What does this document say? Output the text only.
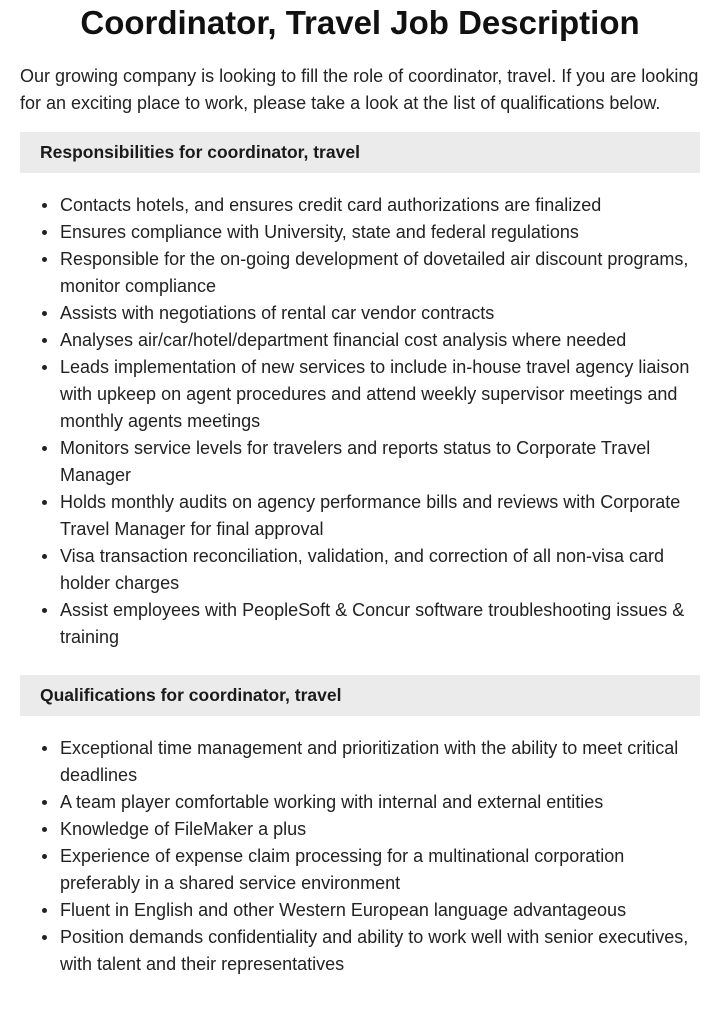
Coordinator, Travel Job Description

Our growing company is looking to fill the role of coordinator, travel. If you are looking for an exciting place to work, please take a look at the list of qualifications below.

Responsibilities for coordinator, travel
Contacts hotels, and ensures credit card authorizations are finalized
Ensures compliance with University, state and federal regulations
Responsible for the on-going development of dovetailed air discount programs, monitor compliance
Assists with negotiations of rental car vendor contracts
Analyses air/car/hotel/department financial cost analysis where needed
Leads implementation of new services to include in-house travel agency liaison with upkeep on agent procedures and attend weekly supervisor meetings and monthly agents meetings
Monitors service levels for travelers and reports status to Corporate Travel Manager
Holds monthly audits on agency performance bills and reviews with Corporate Travel Manager for final approval
Visa transaction reconciliation, validation, and correction of all non-visa card holder charges
Assist employees with PeopleSoft & Concur software troubleshooting issues & training
Qualifications for coordinator, travel
Exceptional time management and prioritization with the ability to meet critical deadlines
A team player comfortable working with internal and external entities
Knowledge of FileMaker a plus
Experience of expense claim processing for a multinational corporation preferably in a shared service environment
Fluent in English and other Western European language advantageous
Position demands confidentiality and ability to work well with senior executives, with talent and their representatives
